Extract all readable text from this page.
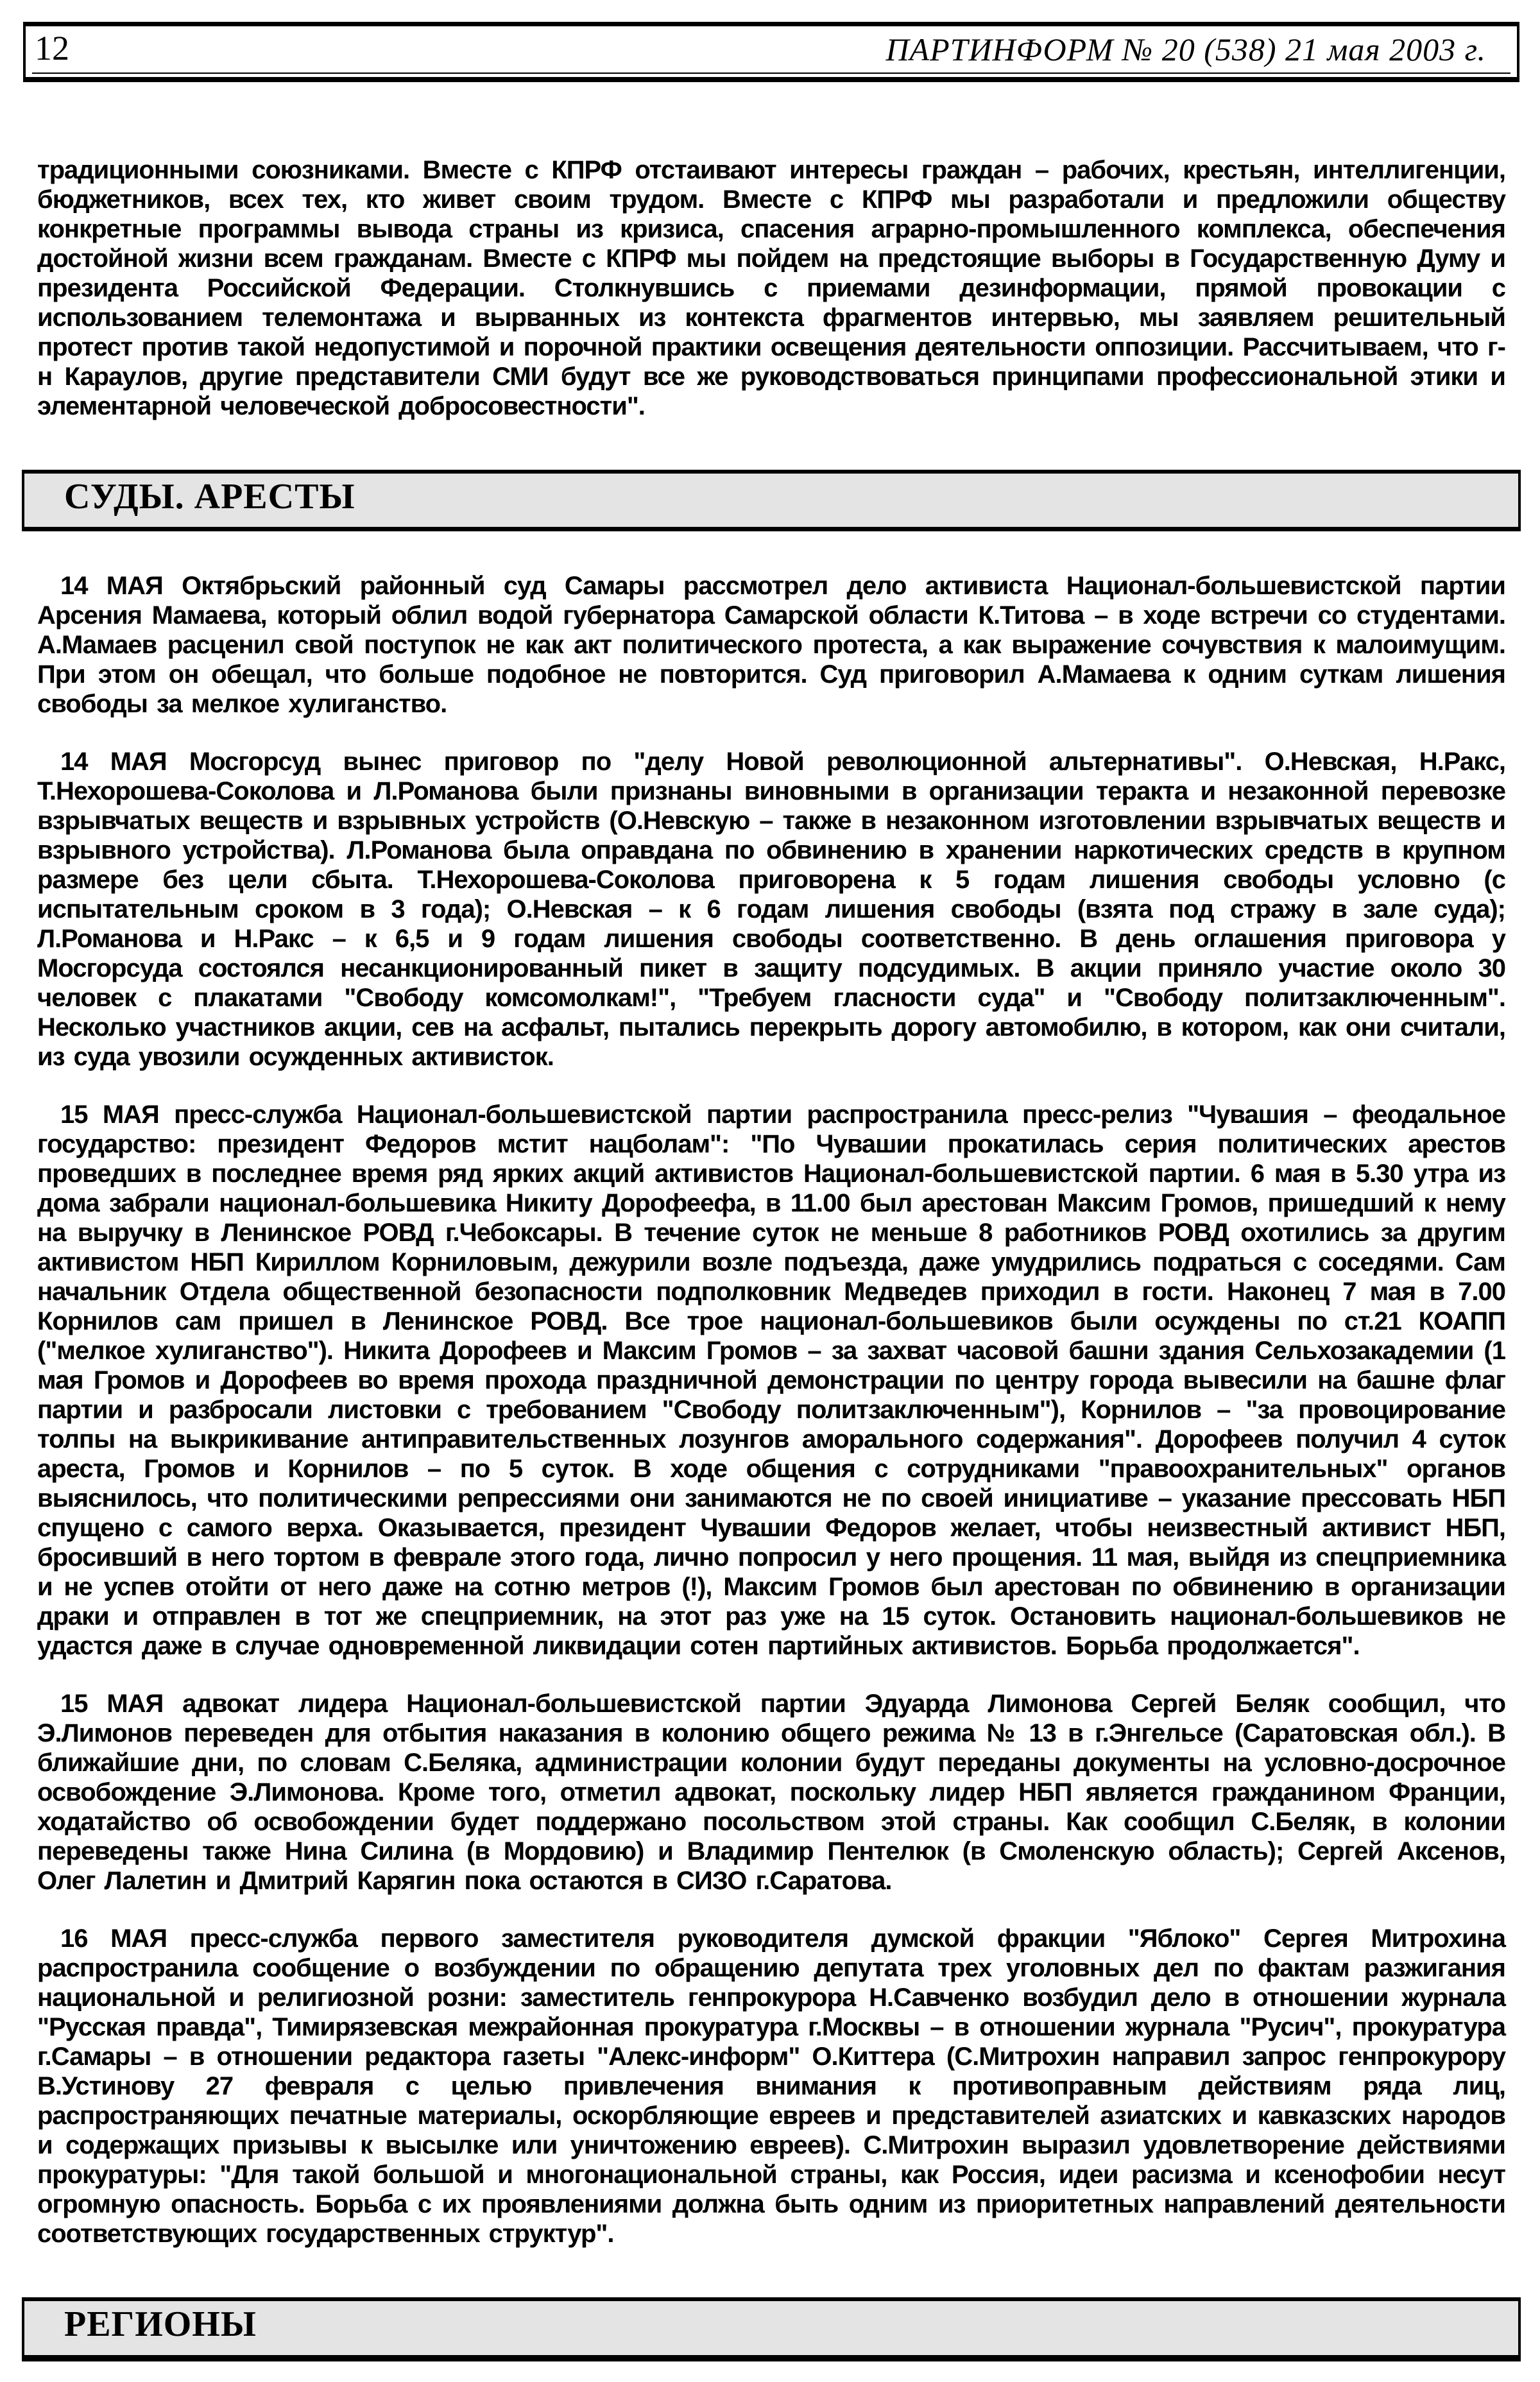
12	ПАРТИНФОРМ № 20 (538) 21 мая 2003 г.

традиционными союзниками. Вместе с КПРФ отстаивают интересы граждан – рабочих, крестьян, интеллигенции, бюджетников, всех тех, кто живет своим трудом. Вместе с КПРФ мы разработали и предложили обществу конкретные программы вывода страны из кризиса, спасения аграрно-промышленного комплекса, обеспечения достойной жизни всем гражданам. Вместе с КПРФ мы пойдем на предстоящие выборы в Государственную Думу и президента Российской Федерации. Столкнувшись с приемами дезинформации, прямой провокации с использованием телемонтажа и вырванных из контекста фрагментов интервью, мы заявляем решительный протест против такой недопустимой и порочной практики освещения деятельности оппозиции. Рассчитываем, что г-н Караулов, другие представители СМИ будут все же руководствоваться принципами профессиональной этики и элементарной человеческой добросовестности".

СУДЫ. АРЕСТЫ

14 МАЯ Октябрьский районный суд Самары рассмотрел дело активиста Национал-большевистской партии Арсения Мамаева, который облил водой губернатора Самарской области К.Титова – в ходе встречи со студентами. А.Мамаев расценил свой поступок не как акт политического протеста, а как выражение сочувствия к малоимущим. При этом он обещал, что больше подобное не повторится. Суд приговорил А.Мамаева к одним суткам лишения свободы за мелкое хулиганство.

14 МАЯ Мосгорсуд вынес приговор по "делу Новой революционной альтернативы". О.Невская, Н.Ракс, Т.Нехорошева-Соколова и Л.Романова были признаны виновными в организации теракта и незаконной перевозке взрывчатых веществ и взрывных устройств (О.Невскую – также в незаконном изготовлении взрывчатых веществ и взрывного устройства). Л.Романова была оправдана по обвинению в хранении наркотических средств в крупном размере без цели сбыта. Т.Нехорошева-Соколова приговорена к 5 годам лишения свободы условно (с испытательным сроком в 3 года); О.Невская – к 6 годам лишения свободы (взята под стражу в зале суда); Л.Романова и Н.Ракс – к 6,5 и 9 годам лишения свободы соответственно. В день оглашения приговора у Мосгорсуда состоялся несанкционированный пикет в защиту подсудимых. В акции приняло участие около 30 человек с плакатами "Свободу комсомолкам!", "Требуем гласности суда" и "Свободу политзаключенным". Несколько участников акции, сев на асфальт, пытались перекрыть дорогу автомобилю, в котором, как они считали, из суда увозили осужденных активисток.

15 МАЯ пресс-служба Национал-большевистской партии распространила пресс-релиз "Чувашия – феодальное государство: президент Федоров мстит нацболам": "По Чувашии прокатилась серия политических арестов проведших в последнее время ряд ярких акций активистов Национал-большевистской партии. 6 мая в 5.30 утра из дома забрали национал-большевика Никиту Дорофеефа, в 11.00 был арестован Максим Громов, пришедший к нему на выручку в Ленинское РОВД г.Чебоксары. В течение суток не меньше 8 работников РОВД охотились за другим активистом НБП Кириллом Корниловым, дежурили возле подъезда, даже умудрились подраться с соседями. Сам начальник Отдела общественной безопасности подполковник Медведев приходил в гости. Наконец 7 мая в 7.00 Корнилов сам пришел в Ленинское РОВД. Все трое национал-большевиков были осуждены по ст.21 КОАПП ("мелкое хулиганство"). Никита Дорофеев и Максим Громов – за захват часовой башни здания Сельхозакадемии (1 мая Громов и Дорофеев во время прохода праздничной демонстрации по центру города вывесили на башне флаг партии и разбросали листовки с требованием "Свободу политзаключенным"), Корнилов – "за провоцирование толпы на выкрикивание антиправительственных лозунгов аморального содержания". Дорофеев получил 4 суток ареста, Громов и Корнилов – по 5 суток. В ходе общения с сотрудниками "правоохранительных" органов выяснилось, что политическими репрессиями они занимаются не по своей инициативе – указание прессовать НБП спущено с самого верха. Оказывается, президент Чувашии Федоров желает, чтобы неизвестный активист НБП, бросивший в него тортом в феврале этого года, лично попросил у него прощения. 11 мая, выйдя из спецприемника и не успев отойти от него даже на сотню метров (!), Максим Громов был арестован по обвинению в организации драки и отправлен в тот же спецприемник, на этот раз уже на 15 суток. Остановить национал-большевиков не удастся даже в случае одновременной ликвидации сотен партийных активистов. Борьба продолжается".

15 МАЯ адвокат лидера Национал-большевистской партии Эдуарда Лимонова Сергей Беляк сообщил, что Э.Лимонов переведен для отбытия наказания в колонию общего режима № 13 в г.Энгельсе (Саратовская обл.). В ближайшие дни, по словам С.Беляка, администрации колонии будут переданы документы на условно-досрочное освобождение Э.Лимонова. Кроме того, отметил адвокат, поскольку лидер НБП является гражданином Франции, ходатайство об освобождении будет поддержано посольством этой страны. Как сообщил С.Беляк, в колонии переведены также Нина Силина (в Мордовию) и Владимир Пентелюк (в Смоленскую область); Сергей Аксенов, Олег Лалетин и Дмитрий Карягин пока остаются в СИЗО г.Саратова.

16 МАЯ пресс-служба первого заместителя руководителя думской фракции "Яблоко" Сергея Митрохина распространила сообщение о возбуждении по обращению депутата трех уголовных дел по фактам разжигания национальной и религиозной розни: заместитель генпрокурора Н.Савченко возбудил дело в отношении журнала "Русская правда", Тимирязевская межрайонная прокуратура г.Москвы – в отношении журнала "Русич", прокуратура г.Самары – в отношении редактора газеты "Алекс-информ" О.Киттера (С.Митрохин направил запрос генпрокурору В.Устинову 27 февраля с целью привлечения внимания к противоправным действиям ряда лиц, распространяющих печатные материалы, оскорбляющие евреев и представителей азиатских и кавказских народов и содержащих призывы к высылке или уничтожению евреев). С.Митрохин выразил удовлетворение действиями прокуратуры: "Для такой большой и многонациональной страны, как Россия, идеи расизма и ксенофобии несут огромную опасность. Борьба с их проявлениями должна быть одним из приоритетных направлений деятельности соответствующих государственных структур".

РЕГИОНЫ
